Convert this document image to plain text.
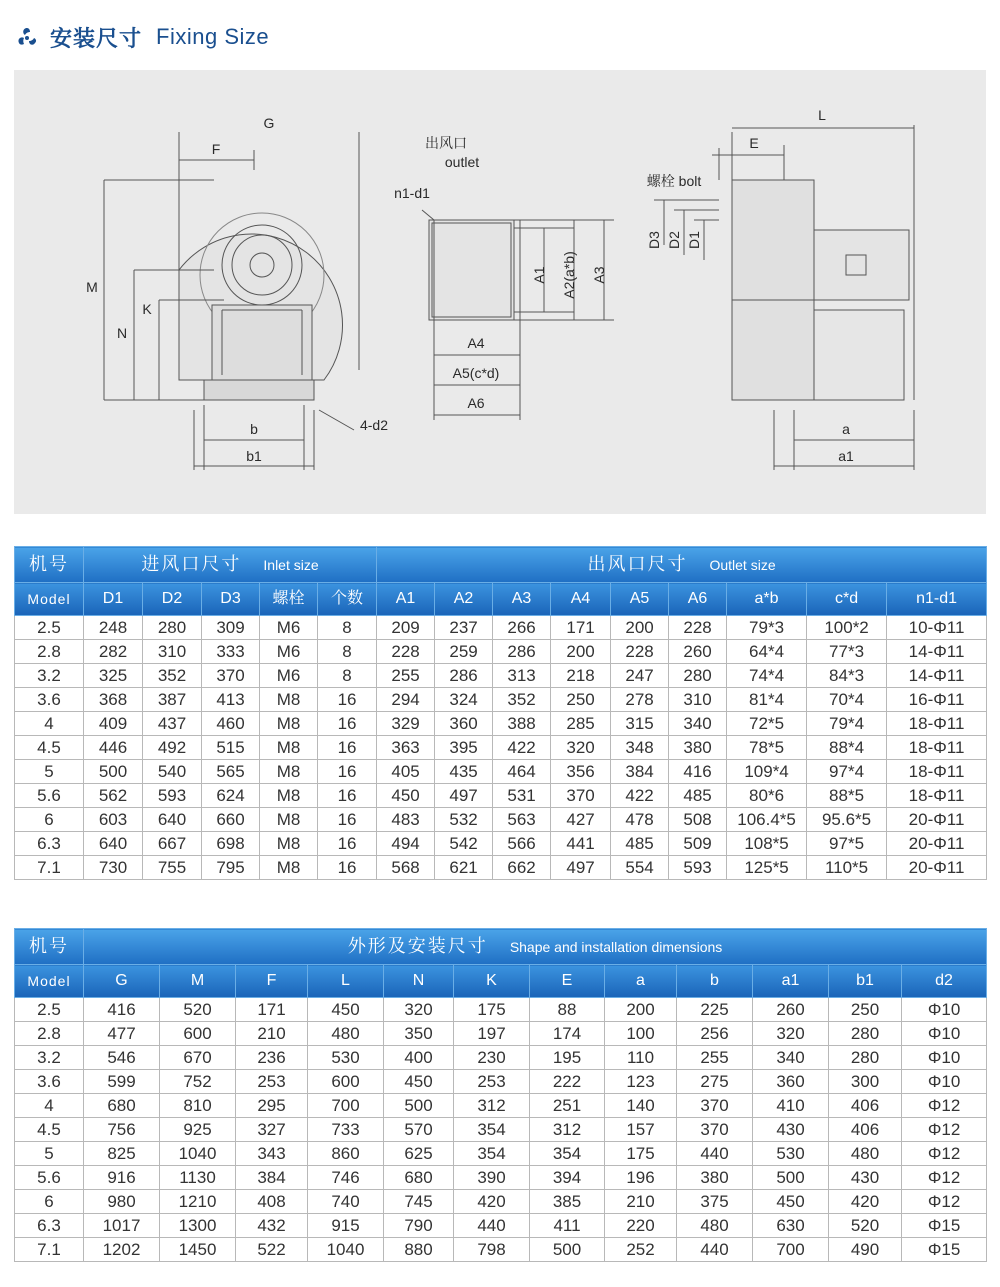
安装尺寸 Fixing Size
G
F
M
N
K
b
b1
4-d2
出风口
outlet
n1-d1
A1 A2(a*b) A3
A4
A5(c*d)
A6
L
E
螺栓 bolt
D3 D2 D1
a
a1
机号	进风口尺寸 Inlet size					出风口尺寸 Outlet size								
Model	D1	D2	D3	螺栓	个数	A1	A2	A3	A4	A5	A6	a*b	c*d	n1-d1
2.5	248	280	309	M6	8	209	237	266	171	200	228	79*3	100*2	10-Φ11
2.8	282	310	333	M6	8	228	259	286	200	228	260	64*4	77*3	14-Φ11
3.2	325	352	370	M6	8	255	286	313	218	247	280	74*4	84*3	14-Φ11
3.6	368	387	413	M8	16	294	324	352	250	278	310	81*4	70*4	16-Φ11
4	409	437	460	M8	16	329	360	388	285	315	340	72*5	79*4	18-Φ11
4.5	446	492	515	M8	16	363	395	422	320	348	380	78*5	88*4	18-Φ11
5	500	540	565	M8	16	405	435	464	356	384	416	109*4	97*4	18-Φ11
5.6	562	593	624	M8	16	450	497	531	370	422	485	80*6	88*5	18-Φ11
6	603	640	660	M8	16	483	532	563	427	478	508	106.4*5	95.6*5	20-Φ11
6.3	640	667	698	M8	16	494	542	566	441	485	509	108*5	97*5	20-Φ11
7.1	730	755	795	M8	16	568	621	662	497	554	593	125*5	110*5	20-Φ11
机号	外形及安装尺寸 Shape and installation dimensions											
Model	G	M	F	L	N	K	E	a	b	a1	b1	d2
2.5	416	520	171	450	320	175	88	200	225	260	250	Φ10
2.8	477	600	210	480	350	197	174	100	256	320	280	Φ10
3.2	546	670	236	530	400	230	195	110	255	340	280	Φ10
3.6	599	752	253	600	450	253	222	123	275	360	300	Φ10
4	680	810	295	700	500	312	251	140	370	410	406	Φ12
4.5	756	925	327	733	570	354	312	157	370	430	406	Φ12
5	825	1040	343	860	625	354	354	175	440	530	480	Φ12
5.6	916	1130	384	746	680	390	394	196	380	500	430	Φ12
6	980	1210	408	740	745	420	385	210	375	450	420	Φ12
6.3	1017	1300	432	915	790	440	411	220	480	630	520	Φ15
7.1	1202	1450	522	1040	880	798	500	252	440	700	490	Φ15
